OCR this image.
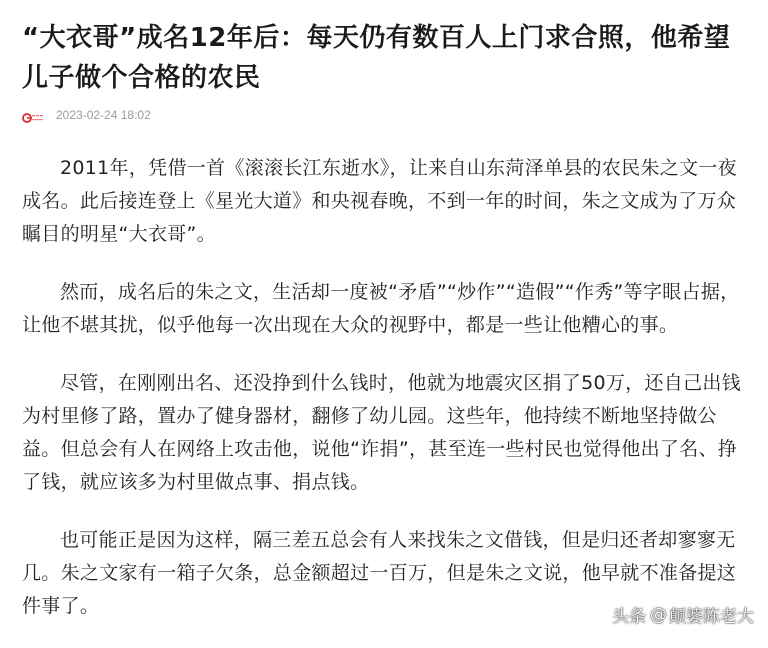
“大衣哥”成名12年后：每天仍有数百人上门求合照，他希望儿子做个合格的农民
2023-02-24 18:02

2011年，凭借一首《滚滚长江东逝水》，让来自山东菏泽单县的农民朱之文一夜成名。此后接连登上《星光大道》和央视春晚，不到一年的时间，朱之文成为了万众瞩目的明星“大衣哥”。

然而，成名后的朱之文，生活却一度被“矛盾”“炒作”“造假”“作秀”等字眼占据，让他不堪其扰，似乎他每一次出现在大众的视野中，都是一些让他糟心的事。

尽管，在刚刚出名、还没挣到什么钱时，他就为地震灾区捐了50万，还自己出钱为村里修了路，置办了健身器材，翻修了幼儿园。这些年，他持续不断地坚持做公益。但总会有人在网络上攻击他，说他“诈捐”，甚至连一些村民也觉得他出了名、挣了钱，就应该多为村里做点事、捐点钱。

也可能正是因为这样，隔三差五总会有人来找朱之文借钱，但是归还者却寥寥无几。朱之文家有一箱子欠条，总金额超过一百万，但是朱之文说，他早就不准备提这件事了。	头条 @ 颠婆陈老大
